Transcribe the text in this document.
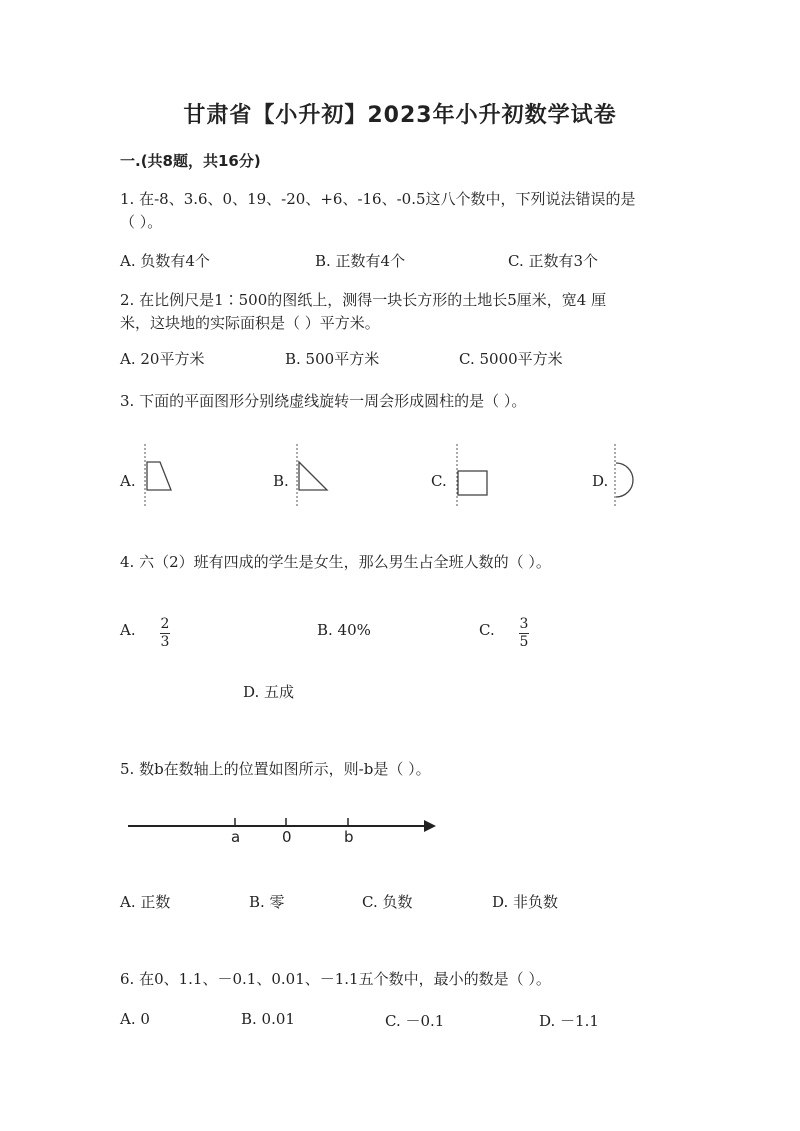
甘肃省【小升初】2023年小升初数学试卷
一.(共8题，共16分)
1. 在-8、3.6、0、19、-20、+6、-16、-0.5这八个数中，下列说法错误的是
（ ）。
A. 负数有4个	B. 正数有4个	C. 正数有3个
2. 在比例尺是1∶500的图纸上，测得一块长方形的土地长5厘米，宽4 厘
米，这块地的实际面积是（ ）平方米。
A. 20平方米	B. 500平方米	C. 5000平方米
3. 下面的平面图形分别绕虚线旋转一周会形成圆柱的是（ ）。
A.	B.	C.	D.
4. 六（2）班有四成的学生是女生，那么男生占全班人数的（ ）。
A. $\frac{2}{3}$	B. 40%	C. $\frac{3}{5}$
D. 五成
5. 数b在数轴上的位置如图所示，则-b是（ ）。
a	0	b
A. 正数	B. 零	C. 负数	D. 非负数
6. 在0、1.1、－0.1、0.01、－1.1五个数中，最小的数是（ ）。
A. 0	B. 0.01	C. －0.1	D. －1.1
